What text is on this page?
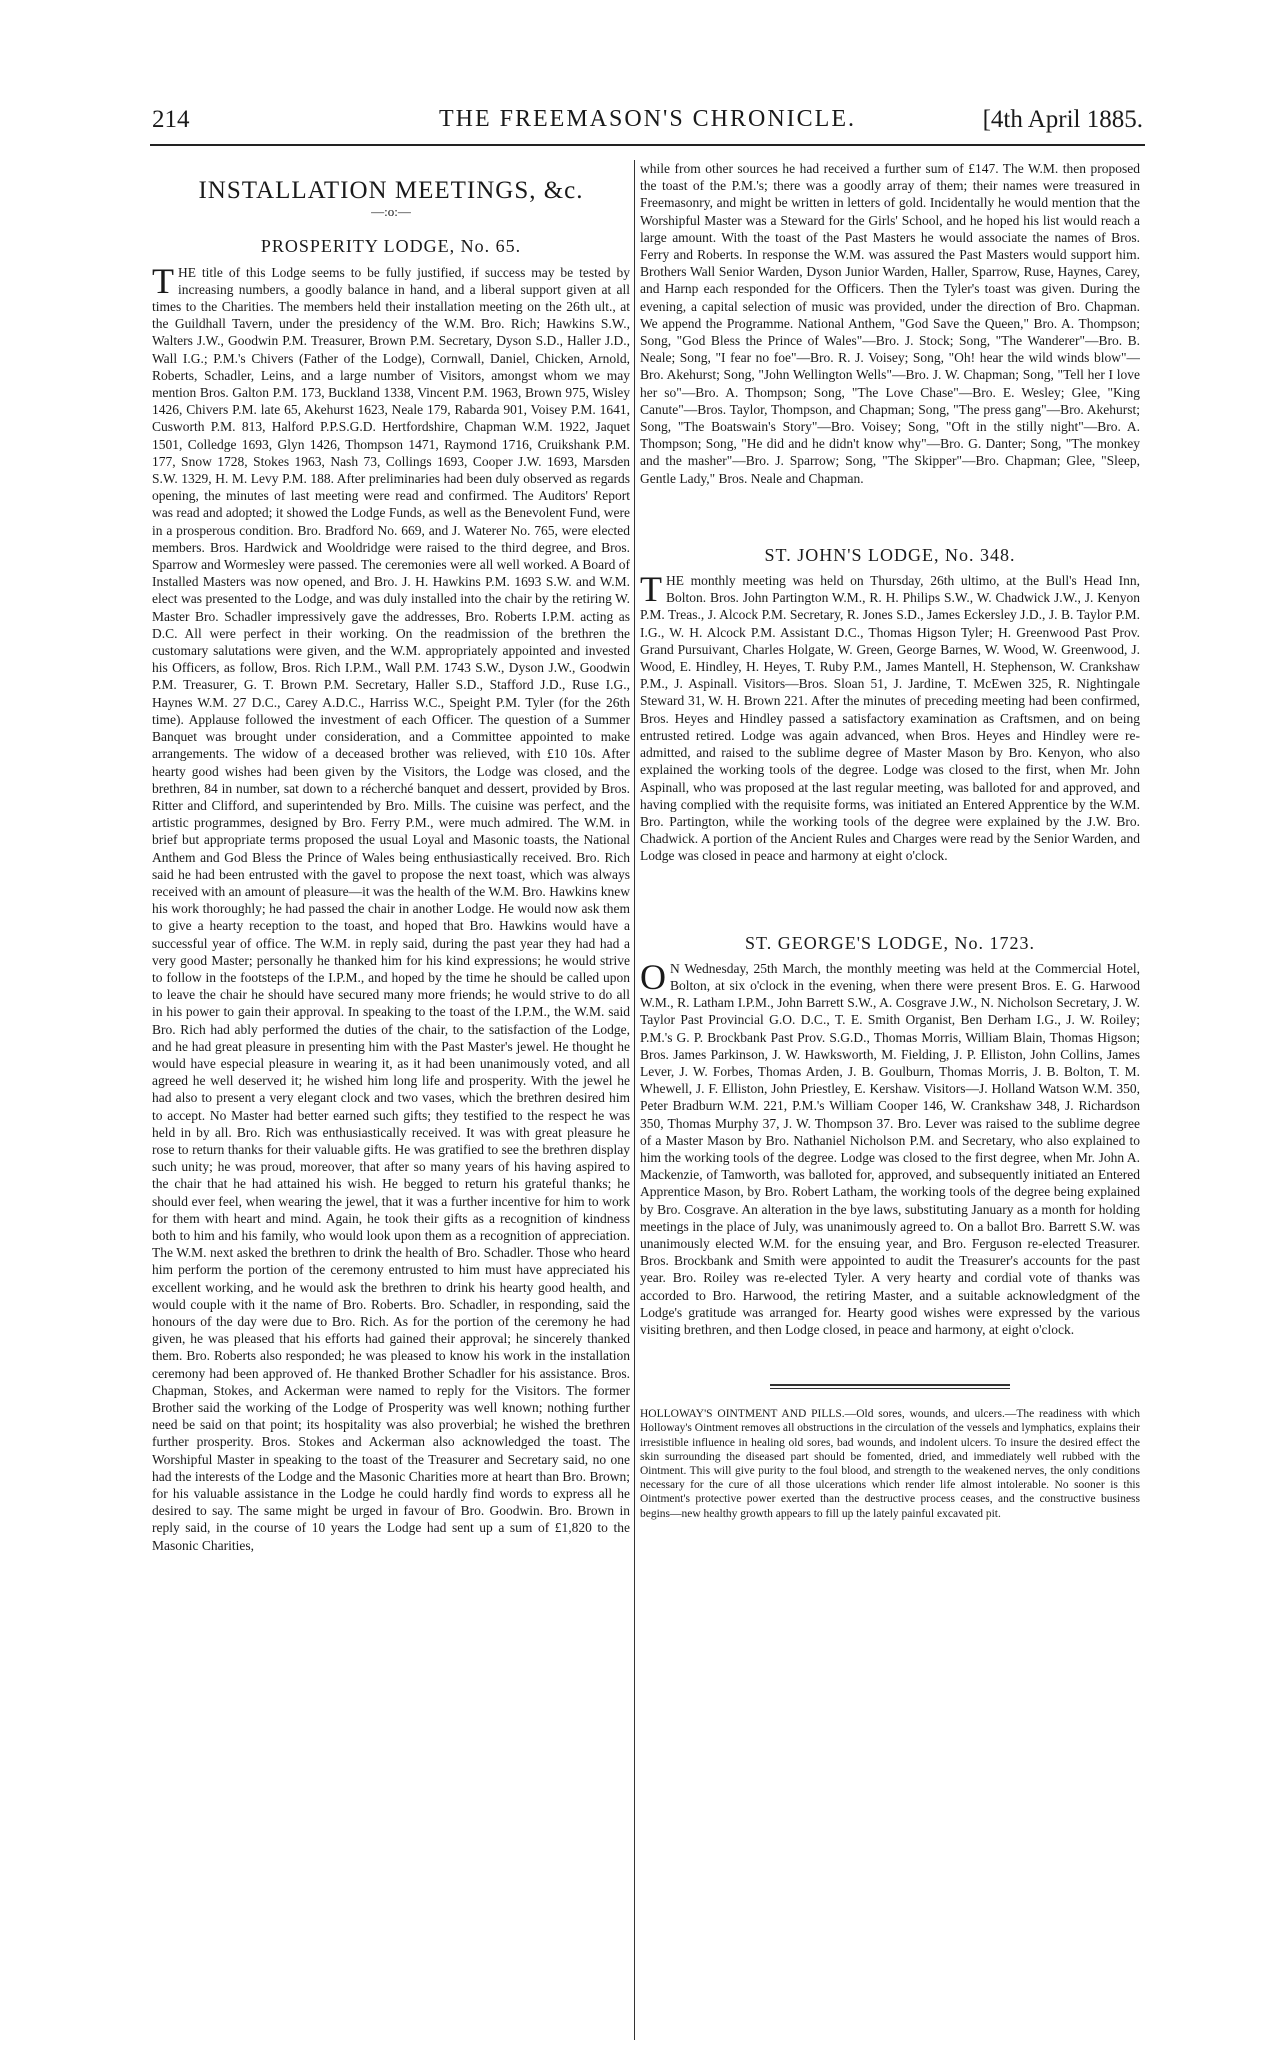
214	THE FREEMASON'S CHRONICLE.	[4th April 1885.
INSTALLATION MEETINGS, &c.
—:o:—
PROSPERITY LODGE, No. 65.

THE title of this Lodge seems to be fully justified, if success may be tested by increasing numbers, a goodly balance in hand, and a liberal support given at all times to the Charities. The members held their installation meeting on the 26th ult., at the Guildhall Tavern, under the presidency of the W.M. Bro. Rich; Hawkins S.W., Walters J.W., Goodwin P.M. Treasurer, Brown P.M. Secretary, Dyson S.D., Haller J.D., Wall I.G.; P.M.'s Chivers (Father of the Lodge), Cornwall, Daniel, Chicken, Arnold, Roberts, Schadler, Leins, and a large number of Visitors, amongst whom we may mention Bros. Galton P.M. 173, Buckland 1338, Vincent P.M. 1963, Brown 975, Wisley 1426, Chivers P.M. late 65, Akehurst 1623, Neale 179, Rabarda 901, Voisey P.M. 1641, Cusworth P.M. 813, Halford P.P.S.G.D. Hertfordshire, Chapman W.M. 1922, Jaquet 1501, Colledge 1693, Glyn 1426, Thompson 1471, Raymond 1716, Cruikshank P.M. 177, Snow 1728, Stokes 1963, Nash 73, Collings 1693, Cooper J.W. 1693, Marsden S.W. 1329, H. M. Levy P.M. 188. After preliminaries had been duly observed as regards opening, the minutes of last meeting were read and confirmed. The Auditors' Report was read and adopted; it showed the Lodge Funds, as well as the Benevolent Fund, were in a prosperous condition. Bro. Bradford No. 669, and J. Waterer No. 765, were elected members. Bros. Hardwick and Wooldridge were raised to the third degree, and Bros. Sparrow and Wormesley were passed. The ceremonies were all well worked. A Board of Installed Masters was now opened, and Bro. J. H. Hawkins P.M. 1693 S.W. and W.M. elect was presented to the Lodge, and was duly installed into the chair by the retiring W. Master Bro. Schadler impressively gave the addresses, Bro. Roberts I.P.M. acting as D.C. All were perfect in their working. On the readmission of the brethren the customary salutations were given, and the W.M. appropriately appointed and invested his Officers, as follow, Bros. Rich I.P.M., Wall P.M. 1743 S.W., Dyson J.W., Goodwin P.M. Treasurer, G. T. Brown P.M. Secretary, Haller S.D., Stafford J.D., Ruse I.G., Haynes W.M. 27 D.C., Carey A.D.C., Harriss W.C., Speight P.M. Tyler (for the 26th time). Applause followed the investment of each Officer. The question of a Summer Banquet was brought under consideration, and a Committee appointed to make arrangements. The widow of a deceased brother was relieved, with £10 10s. After hearty good wishes had been given by the Visitors, the Lodge was closed, and the brethren, 84 in number, sat down to a récherché banquet and dessert, provided by Bros. Ritter and Clifford, and superintended by Bro. Mills. The cuisine was perfect, and the artistic programmes, designed by Bro. Ferry P.M., were much admired. The W.M. in brief but appropriate terms proposed the usual Loyal and Masonic toasts, the National Anthem and God Bless the Prince of Wales being enthusiastically received. Bro. Rich said he had been entrusted with the gavel to propose the next toast, which was always received with an amount of pleasure—it was the health of the W.M. Bro. Hawkins knew his work thoroughly; he had passed the chair in another Lodge. He would now ask them to give a hearty reception to the toast, and hoped that Bro. Hawkins would have a successful year of office. The W.M. in reply said, during the past year they had had a very good Master; personally he thanked him for his kind expressions; he would strive to follow in the footsteps of the I.P.M., and hoped by the time he should be called upon to leave the chair he should have secured many more friends; he would strive to do all in his power to gain their approval. In speaking to the toast of the I.P.M., the W.M. said Bro. Rich had ably performed the duties of the chair, to the satisfaction of the Lodge, and he had great pleasure in presenting him with the Past Master's jewel. He thought he would have especial pleasure in wearing it, as it had been unanimously voted, and all agreed he well deserved it; he wished him long life and prosperity. With the jewel he had also to present a very elegant clock and two vases, which the brethren desired him to accept. No Master had better earned such gifts; they testified to the respect he was held in by all. Bro. Rich was enthusiastically received. It was with great pleasure he rose to return thanks for their valuable gifts. He was gratified to see the brethren display such unity; he was proud, moreover, that after so many years of his having aspired to the chair that he had attained his wish. He begged to return his grateful thanks; he should ever feel, when wearing the jewel, that it was a further incentive for him to work for them with heart and mind. Again, he took their gifts as a recognition of kindness both to him and his family, who would look upon them as a recognition of appreciation. The W.M. next asked the brethren to drink the health of Bro. Schadler. Those who heard him perform the portion of the ceremony entrusted to him must have appreciated his excellent working, and he would ask the brethren to drink his hearty good health, and would couple with it the name of Bro. Roberts. Bro. Schadler, in responding, said the honours of the day were due to Bro. Rich. As for the portion of the ceremony he had given, he was pleased that his efforts had gained their approval; he sincerely thanked them. Bro. Roberts also responded; he was pleased to know his work in the installation ceremony had been approved of. He thanked Brother Schadler for his assistance. Bros. Chapman, Stokes, and Ackerman were named to reply for the Visitors. The former Brother said the working of the Lodge of Prosperity was well known; nothing further need be said on that point; its hospitality was also proverbial; he wished the brethren further prosperity. Bros. Stokes and Ackerman also acknowledged the toast. The Worshipful Master in speaking to the toast of the Treasurer and Secretary said, no one had the interests of the Lodge and the Masonic Charities more at heart than Bro. Brown; for his valuable assistance in the Lodge he could hardly find words to express all he desired to say. The same might be urged in favour of Bro. Goodwin. Bro. Brown in reply said, in the course of 10 years the Lodge had sent up a sum of £1,820 to the Masonic Charities,

while from other sources he had received a further sum of £147. The W.M. then proposed the toast of the P.M.'s; there was a goodly array of them; their names were treasured in Freemasonry, and might be written in letters of gold. Incidentally he would mention that the Worshipful Master was a Steward for the Girls' School, and he hoped his list would reach a large amount. With the toast of the Past Masters he would associate the names of Bros. Ferry and Roberts. In response the W.M. was assured the Past Masters would support him. Brothers Wall Senior Warden, Dyson Junior Warden, Haller, Sparrow, Ruse, Haynes, Carey, and Harnp each responded for the Officers. Then the Tyler's toast was given. During the evening, a capital selection of music was provided, under the direction of Bro. Chapman. We append the Programme. National Anthem, "God Save the Queen," Bro. A. Thompson; Song, "God Bless the Prince of Wales"—Bro. J. Stock; Song, "The Wanderer"—Bro. B. Neale; Song, "I fear no foe"—Bro. R. J. Voisey; Song, "Oh! hear the wild winds blow"—Bro. Akehurst; Song, "John Wellington Wells"—Bro. J. W. Chapman; Song, "Tell her I love her so"—Bro. A. Thompson; Song, "The Love Chase"—Bro. E. Wesley; Glee, "King Canute"—Bros. Taylor, Thompson, and Chapman; Song, "The press gang"—Bro. Akehurst; Song, "The Boatswain's Story"—Bro. Voisey; Song, "Oft in the stilly night"—Bro. A. Thompson; Song, "He did and he didn't know why"—Bro. G. Danter; Song, "The monkey and the masher"—Bro. J. Sparrow; Song, "The Skipper"—Bro. Chapman; Glee, "Sleep, Gentle Lady," Bros. Neale and Chapman.

ST. JOHN'S LODGE, No. 348.

THE monthly meeting was held on Thursday, 26th ultimo, at the Bull's Head Inn, Bolton. Bros. John Partington W.M., R. H. Philips S.W., W. Chadwick J.W., J. Kenyon P.M. Treas., J. Alcock P.M. Secretary, R. Jones S.D., James Eckersley J.D., J. B. Taylor P.M. I.G., W. H. Alcock P.M. Assistant D.C., Thomas Higson Tyler; H. Greenwood Past Prov. Grand Pursuivant, Charles Holgate, W. Green, George Barnes, W. Wood, W. Greenwood, J. Wood, E. Hindley, H. Heyes, T. Ruby P.M., James Mantell, H. Stephenson, W. Crankshaw P.M., J. Aspinall. Visitors—Bros. Sloan 51, J. Jardine, T. McEwen 325, R. Nightingale Steward 31, W. H. Brown 221. After the minutes of preceding meeting had been confirmed, Bros. Heyes and Hindley passed a satisfactory examination as Craftsmen, and on being entrusted retired. Lodge was again advanced, when Bros. Heyes and Hindley were re-admitted, and raised to the sublime degree of Master Mason by Bro. Kenyon, who also explained the working tools of the degree. Lodge was closed to the first, when Mr. John Aspinall, who was proposed at the last regular meeting, was balloted for and approved, and having complied with the requisite forms, was initiated an Entered Apprentice by the W.M. Bro. Partington, while the working tools of the degree were explained by the J.W. Bro. Chadwick. A portion of the Ancient Rules and Charges were read by the Senior Warden, and Lodge was closed in peace and harmony at eight o'clock.

ST. GEORGE'S LODGE, No. 1723.

ON Wednesday, 25th March, the monthly meeting was held at the Commercial Hotel, Bolton, at six o'clock in the evening, when there were present Bros. E. G. Harwood W.M., R. Latham I.P.M., John Barrett S.W., A. Cosgrave J.W., N. Nicholson Secretary, J. W. Taylor Past Provincial G.O. D.C., T. E. Smith Organist, Ben Derham I.G., J. W. Roiley; P.M.'s G. P. Brockbank Past Prov. S.G.D., Thomas Morris, William Blain, Thomas Higson; Bros. James Parkinson, J. W. Hawksworth, M. Fielding, J. P. Elliston, John Collins, James Lever, J. W. Forbes, Thomas Arden, J. B. Goulburn, Thomas Morris, J. B. Bolton, T. M. Whewell, J. F. Elliston, John Priestley, E. Kershaw. Visitors—J. Holland Watson W.M. 350, Peter Bradburn W.M. 221, P.M.'s William Cooper 146, W. Crankshaw 348, J. Richardson 350, Thomas Murphy 37, J. W. Thompson 37. Bro. Lever was raised to the sublime degree of a Master Mason by Bro. Nathaniel Nicholson P.M. and Secretary, who also explained to him the working tools of the degree. Lodge was closed to the first degree, when Mr. John A. Mackenzie, of Tamworth, was balloted for, approved, and subsequently initiated an Entered Apprentice Mason, by Bro. Robert Latham, the working tools of the degree being explained by Bro. Cosgrave. An alteration in the bye laws, substituting January as a month for holding meetings in the place of July, was unanimously agreed to. On a ballot Bro. Barrett S.W. was unanimously elected W.M. for the ensuing year, and Bro. Ferguson re-elected Treasurer. Bros. Brockbank and Smith were appointed to audit the Treasurer's accounts for the past year. Bro. Roiley was re-elected Tyler. A very hearty and cordial vote of thanks was accorded to Bro. Harwood, the retiring Master, and a suitable acknowledgment of the Lodge's gratitude was arranged for. Hearty good wishes were expressed by the various visiting brethren, and then Lodge closed, in peace and harmony, at eight o'clock.

HOLLOWAY'S OINTMENT AND PILLS.—Old sores, wounds, and ulcers.—The readiness with which Holloway's Ointment removes all obstructions in the circulation of the vessels and lymphatics, explains their irresistible influence in healing old sores, bad wounds, and indolent ulcers. To insure the desired effect the skin surrounding the diseased part should be fomented, dried, and immediately well rubbed with the Ointment. This will give purity to the foul blood, and strength to the weakened nerves, the only conditions necessary for the cure of all those ulcerations which render life almost intolerable. No sooner is this Ointment's protective power exerted than the destructive process ceases, and the constructive business begins—new healthy growth appears to fill up the lately painful excavated pit.
